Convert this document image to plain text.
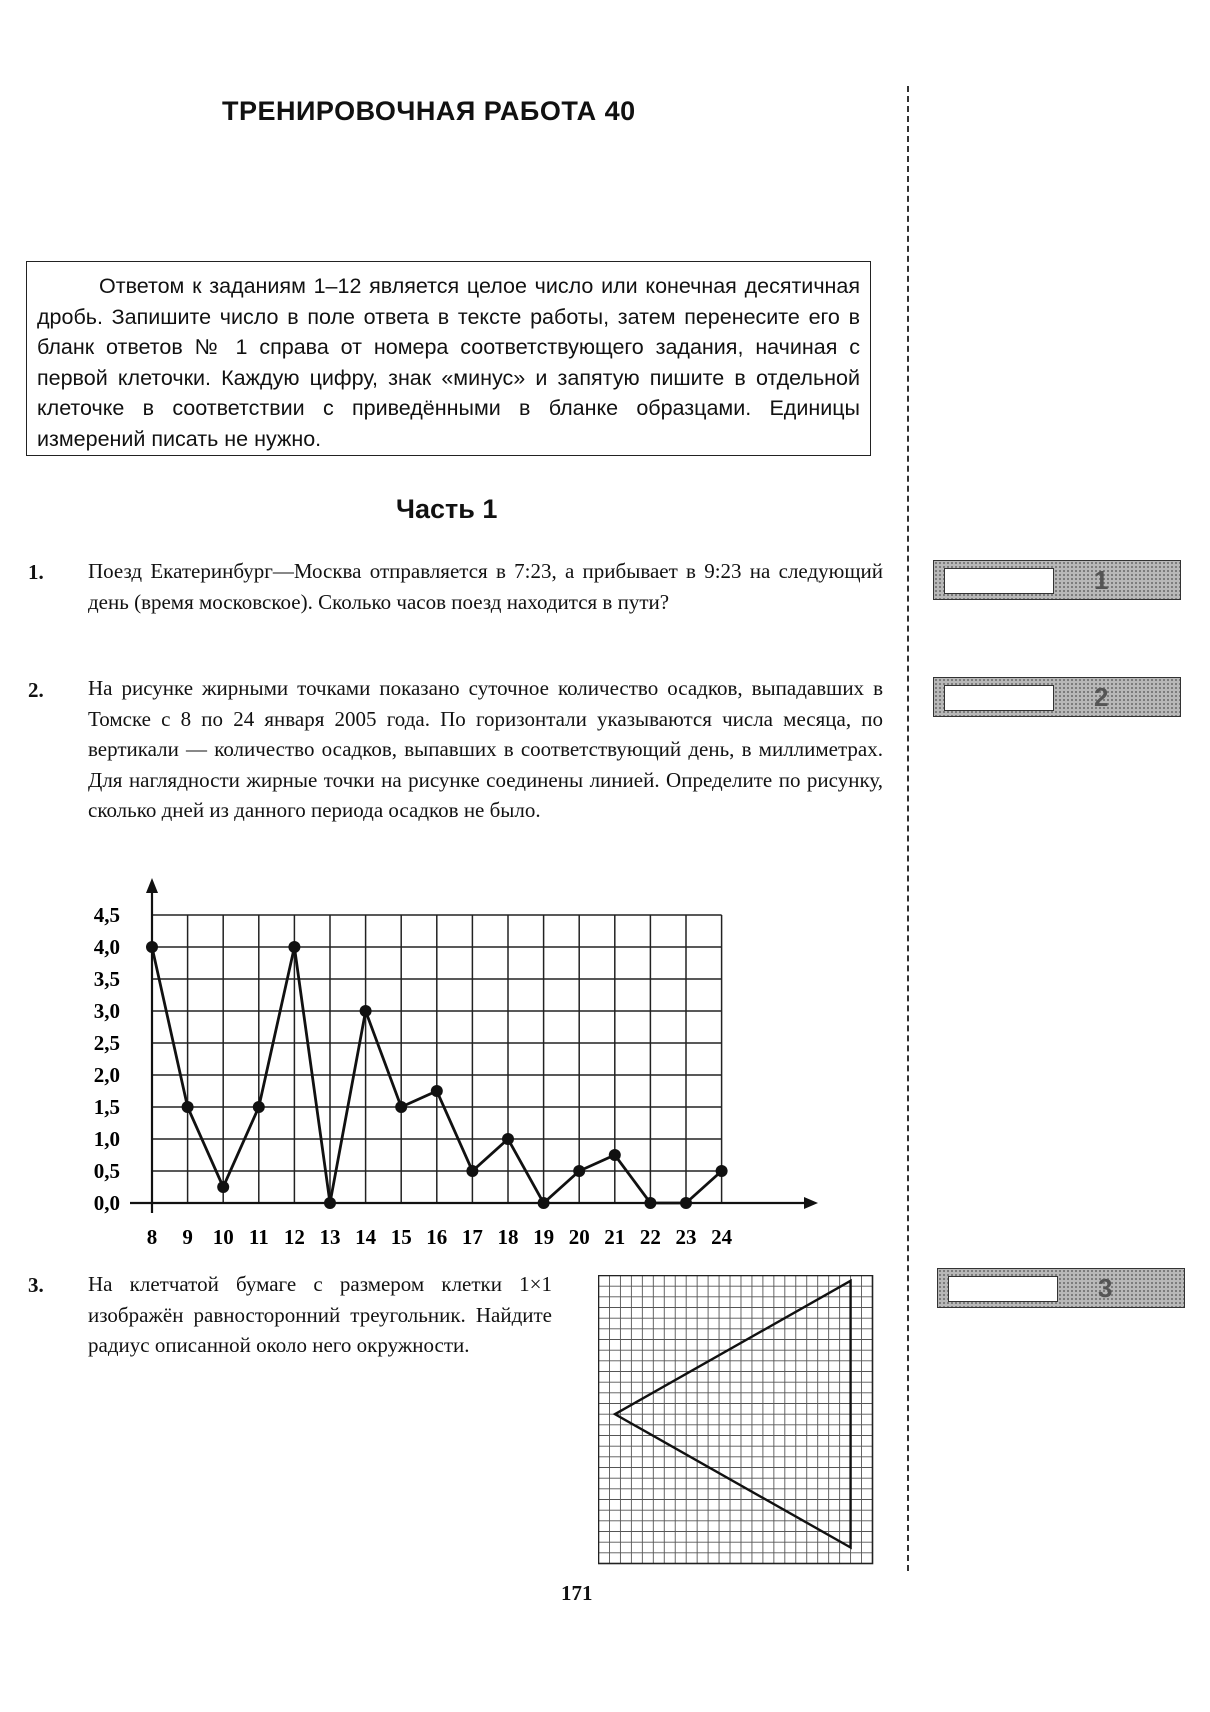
ТРЕНИРОВОЧНАЯ РАБОТА 40

Ответом к заданиям 1–12 является целое число или конечная десятичная дробь. Запишите число в поле ответа в тексте работы, затем перенесите его в бланк ответов № 1 справа от номера соответствующего задания, начиная с первой клеточки. Каждую цифру, знак «минус» и запятую пишите в отдельной клеточке в соответствии с приведёнными в бланке образцами. Единицы измерений писать не нужно.

Часть 1
1. Поезд Екатеринбург—Москва отправляется в 7:23, а прибывает в 9:23 на следующий день (время московское). Сколько часов поезд находится в пути?

1
2. На рисунке жирными точками показано суточное количество осадков, выпадавших в Томске с 8 по 24 января 2005 года. По горизонтали указываются числа месяца, по вертикали — количество осадков, выпавших в соответствующий день, в миллиметрах. Для наглядности жирные точки на рисунке соединены линией. Определите по рисунку, сколько дней из данного периода осадков не было.

2
8 9 10 11 12 13 14 15 16 17 18 19 20 21 22 23 24
0,0
0,5
1,0
1,5
2,0
2,5
3,0
3,5
4,0
4,5
3. На клетчатой бумаге с размером клетки 1×1 изображён равносторонний треугольник. Найдите радиус описанной около него окружности.

3
171
